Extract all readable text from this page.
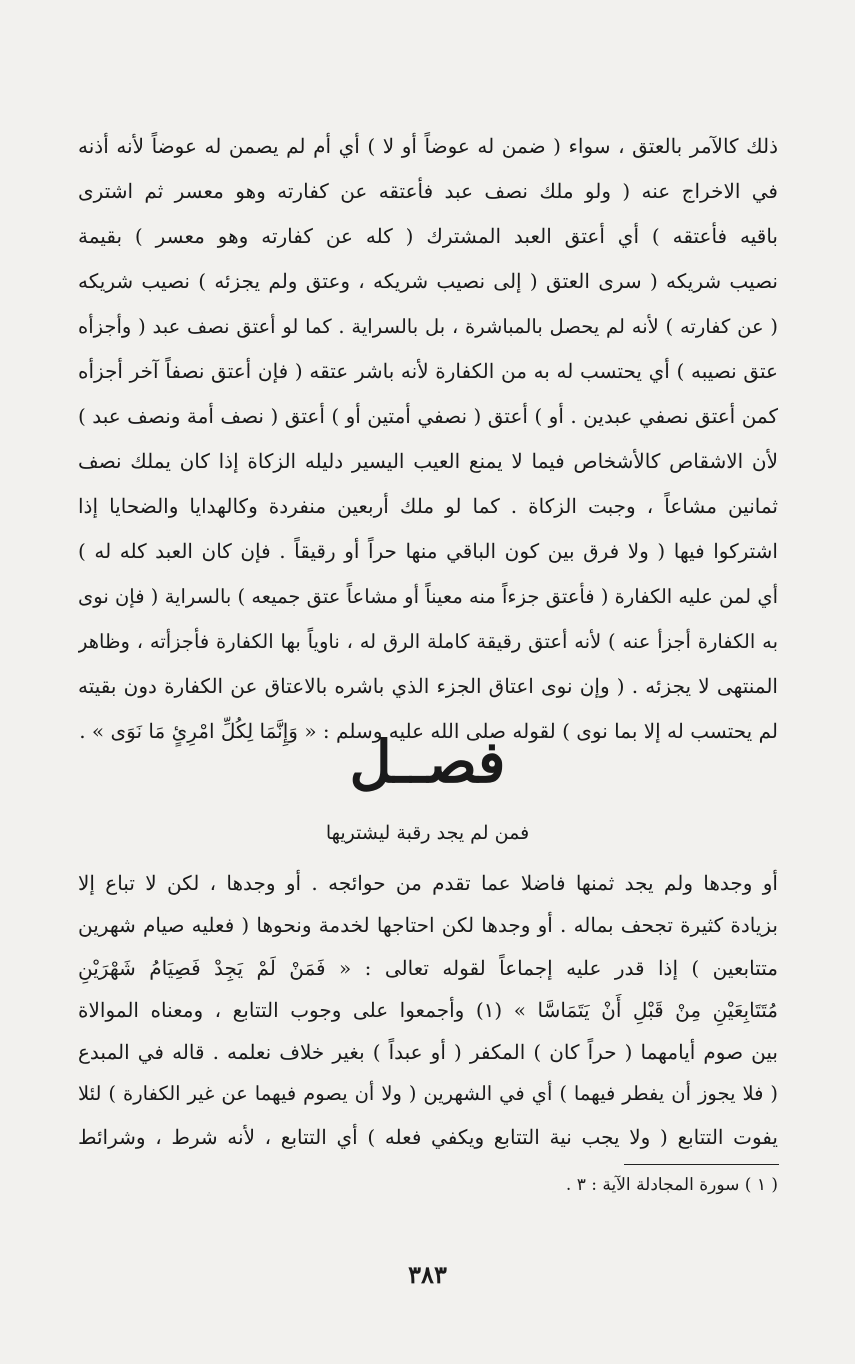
ذلك كالآمر بالعتق ، سواء ( ضمن له عوضاً أو لا ) أي أم لم يصمن له عوضاً لأنه أذنه
في الاخراج عنه ( ولو ملك نصف عبد فأعتقه عن كفارته وهو معسر ثم اشترى
باقيه فأعتقه ) أي أعتق العبد المشترك ( كله عن كفارته وهو معسر ) بقيمة
نصيب شريكه ( سرى العتق ( إلى نصيب شريكه ، وعتق ولم يجزئه ) نصيب شريكه
( عن كفارته ) لأنه لم يحصل بالمباشرة ، بل بالسراية . كما لو أعتق نصف عبد ( وأجزأه
عتق نصيبه ) أي يحتسب له به من الكفارة لأنه باشر عتقه ( فإن أعتق نصفاً آخر أجزأه
كمن أعتق نصفي عبدين . أو ) أعتق ( نصفي أمتين أو ) أعتق ( نصف أمة ونصف عبد )
لأن الاشقاص كالأشخاص فيما لا يمنع العيب اليسير دليله الزكاة إذا كان يملك نصف
ثمانين مشاعاً ، وجبت الزكاة . كما لو ملك أربعين منفردة وكالهدايا والضحايا إذا
اشتركوا فيها ( ولا فرق بين كون الباقي منها حراً أو رقيقاً . فإن كان العبد كله له )
أي لمن عليه الكفارة ( فأعتق جزءاً منه معيناً أو مشاعاً عتق جميعه ) بالسراية ( فإن نوى
به الكفارة أجزأ عنه ) لأنه أعتق رقيقة كاملة الرق له ، ناوياً بها الكفارة فأجزأته ، وظاهر
المنتهى لا يجزئه . ( وإن نوى اعتاق الجزء الذي باشره بالاعتاق عن الكفارة دون بقيته
لم يحتسب له إلا بما نوى ) لقوله صلى الله عليه وسلم : « وَإِنَّمَا لِكُلِّ امْرِئٍ مَا نَوَى » .
فصــل
فمن لم يجد رقبة ليشتريها
أو وجدها ولم يجد ثمنها فاضلا عما تقدم من حوائجه . أو وجدها ، لكن لا تباع إلا
بزيادة كثيرة تجحف بماله . أو وجدها لكن احتاجها لخدمة ونحوها ( فعليه صيام شهرين
متتابعين ) إذا قدر عليه إجماعاً لقوله تعالى : « فَمَنْ لَمْ يَجِدْ فَصِيَامُ شَهْرَيْنِ
مُتَتَابِعَيْنِ مِنْ قَبْلِ أَنْ يَتَمَاسَّا » (١) وأجمعوا على وجوب التتابع ، ومعناه الموالاة
بين صوم أيامهما ( حراً كان ) المكفر ( أو عبداً ) بغير خلاف نعلمه . قاله في المبدع
( فلا يجوز أن يفطر فيهما ) أي في الشهرين ( ولا أن يصوم فيهما عن غير الكفارة ) لئلا
يفوت التتابع ( ولا يجب نية التتابع ويكفي فعله ) أي التتابع ، لأنه شرط ، وشرائط
( ١ ) سورة المجادلة الآية : ٣ .
٣٨٣
